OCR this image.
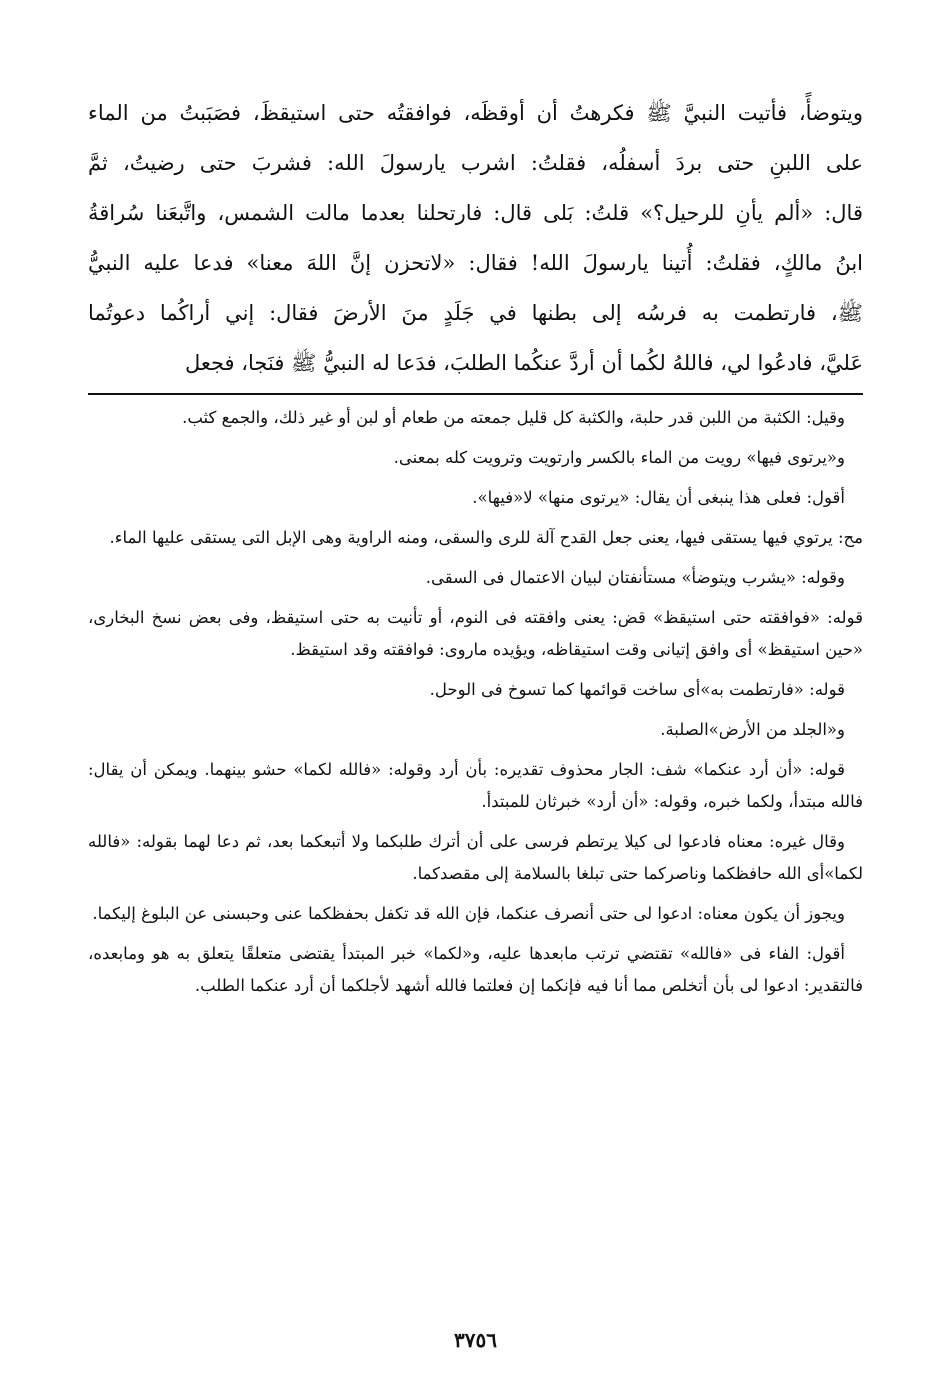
ويتوضأً، فأتيت النبيَّ ﷺ فكرهتُ أن أوقظَه، فوافقتُه حتى استيقظَ، فصَبَبتُ من الماء

على اللبنِ حتى بردَ أسفلُه، فقلتُ: اشرب يارسولَ الله: فشربَ حتى رضيتُ، ثمَّ

قال: «ألم يأنِ للرحيل؟» قلتُ: بَلى قال: فارتحلنا بعدما مالت الشمس، واتَّبعَنا سُراقةُ

ابنُ مالكٍ، فقلتُ: أُتينا يارسولَ الله! فقال: «لاتحزن إنَّ اللهَ معنا» فدعا عليه النبيُّ

ﷺ، فارتطمت به فرسُه إلى بطنها في جَلَدٍ منَ الأرضَ فقال: إني أراكُما دعوتُما

عَليَّ، فادعُوا لي، فاللهُ لكُما أن أردَّ عنكُما الطلبَ، فدَعا له النبيُّ ﷺ فنَجا، فجعل

وقيل: الكثبة من اللبن قدر حلبة، والكثبة كل قليل جمعته من طعام أو لبن أو غير ذلك، والجمع كثب.

و«يرتوى فيها» رويت من الماء بالكسر وارتويت وترويت كله بمعنى.

أقول: فعلى هذا ينبغى أن يقال: «يرتوى منها» لا«فيها».

مح: يرتوي فيها يستقى فيها، يعنى جعل القدح آلة للرى والسقى، ومنه الراوية وهى الإبل التى يستقى عليها الماء.

وقوله: «يشرب ويتوضأ» مستأنفتان لبيان الاعتمال فى السقى.

قوله: «فوافقته حتى استيقظ» قض: يعنى وافقته فى النوم، أو تأنيت به حتى استيقظ، وفى بعض نسخ البخارى، «حين استيقظ» أى وافق إتيانى وقت استيقاظه، ويؤيده ماروى: فوافقته وقد استيقظ.

قوله: «فارتطمت به»أى ساخت قوائمها كما تسوخ فى الوحل.

و«الجلد من الأرض»الصلبة.

قوله: «أن أرد عنكما» شف: الجار محذوف تقديره: بأن أرد وقوله: «فالله لكما» حشو بينهما. ويمكن أن يقال: فالله مبتدأ، ولكما خبره، وقوله: «أن أرد» خبرثان للمبتدأ.

وقال غيره: معناه فادعوا لى كيلا يرتطم فرسى على أن أترك طلبكما ولا أتبعكما بعد، ثم دعا لهما بقوله: «فالله لكما»أى الله حافظكما وناصركما حتى تبلغا بالسلامة إلى مقصدكما.

ويجوز أن يكون معناه: ادعوا لى حتى أنصرف عنكما، فإن الله قد تكفل بحفظكما عنى وحبسنى عن البلوغ إليكما.

أقول: الفاء فى «فالله» تقتضي ترتب مابعدها عليه، و«لكما» خبر المبتدأ يقتضى متعلقًا يتعلق به هو ومابعده، فالتقدير: ادعوا لى بأن أتخلص مما أنا فيه فإنكما إن فعلتما فالله أشهد لأجلكما أن أرد عنكما الطلب.

٣٧٥٦
